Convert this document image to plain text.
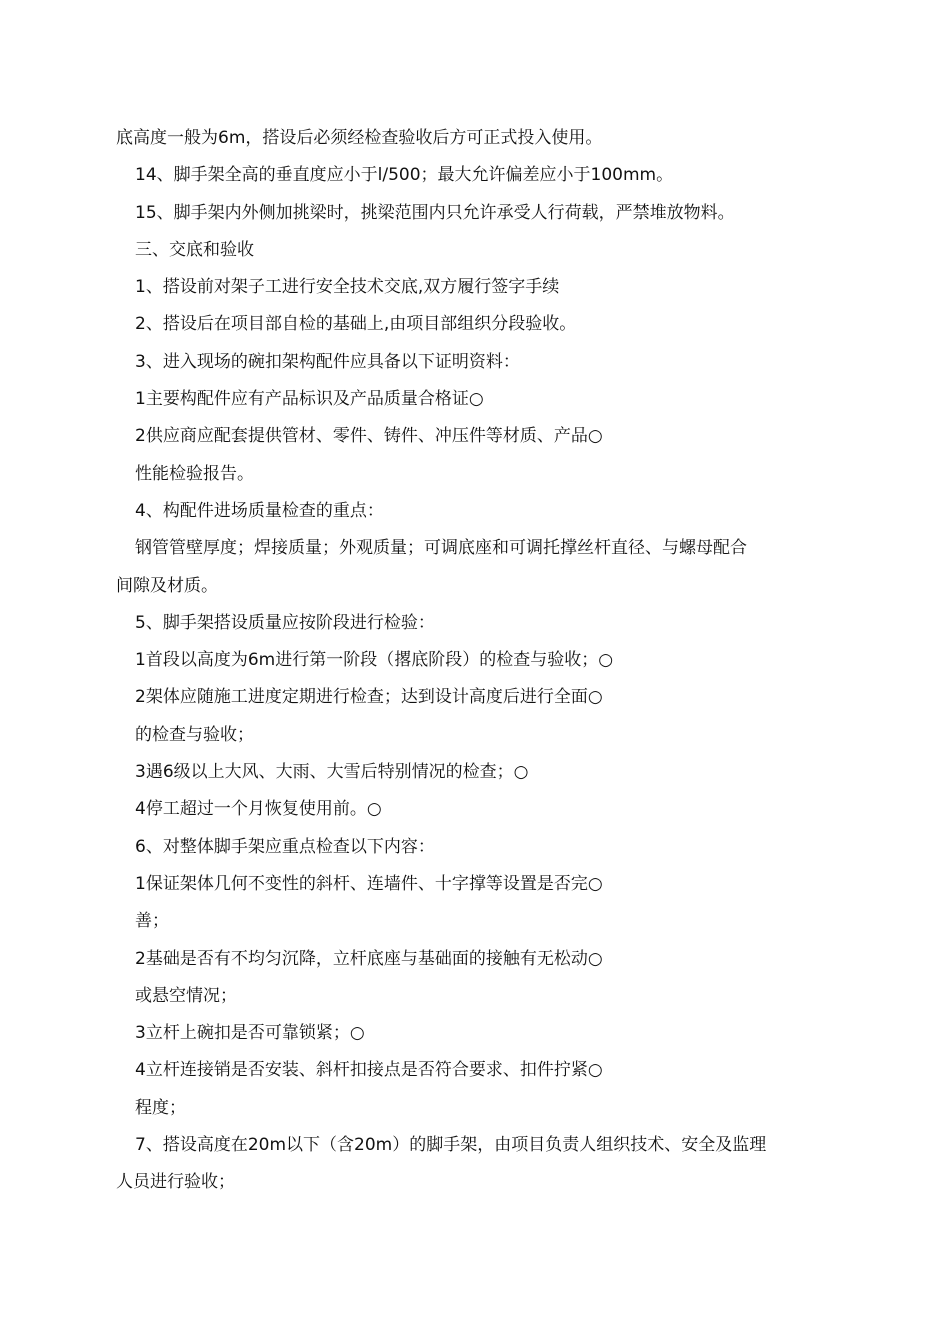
底高度一般为6m，搭设后必须经检查验收后方可正式投入使用。

14、脚手架全高的垂直度应小于l/500；最大允许偏差应小于100mm。

15、脚手架内外侧加挑梁时，挑梁范围内只允许承受人行荷载，严禁堆放物料。

三、交底和验收

1、搭设前对架子工进行安全技术交底,双方履行签字手续

2、搭设后在项目部自检的基础上,由项目部组织分段验收。

3、进入现场的碗扣架构配件应具备以下证明资料：

1主要构配件应有产品标识及产品质量合格证○

2供应商应配套提供管材、零件、铸件、冲压件等材质、产品○

性能检验报告。

4、构配件进场质量检查的重点：

钢管管壁厚度；焊接质量；外观质量；可调底座和可调托撑丝杆直径、与螺母配合

间隙及材质。

5、脚手架搭设质量应按阶段进行检验：

1首段以高度为6m进行第一阶段（撂底阶段）的检查与验收；○

2架体应随施工进度定期进行检查；达到设计高度后进行全面○

的检查与验收；

3遇6级以上大风、大雨、大雪后特别情况的检查；○

4停工超过一个月恢复使用前。○

6、对整体脚手架应重点检查以下内容：

1保证架体几何不变性的斜杆、连墙件、十字撑等设置是否完○

善；

2基础是否有不均匀沉降，立杆底座与基础面的接触有无松动○

或悬空情况；

3立杆上碗扣是否可靠锁紧；○

4立杆连接销是否安装、斜杆扣接点是否符合要求、扣件拧紧○

程度；

7、搭设高度在20m以下（含20m）的脚手架，由项目负责人组织技术、安全及监理

人员进行验收；
